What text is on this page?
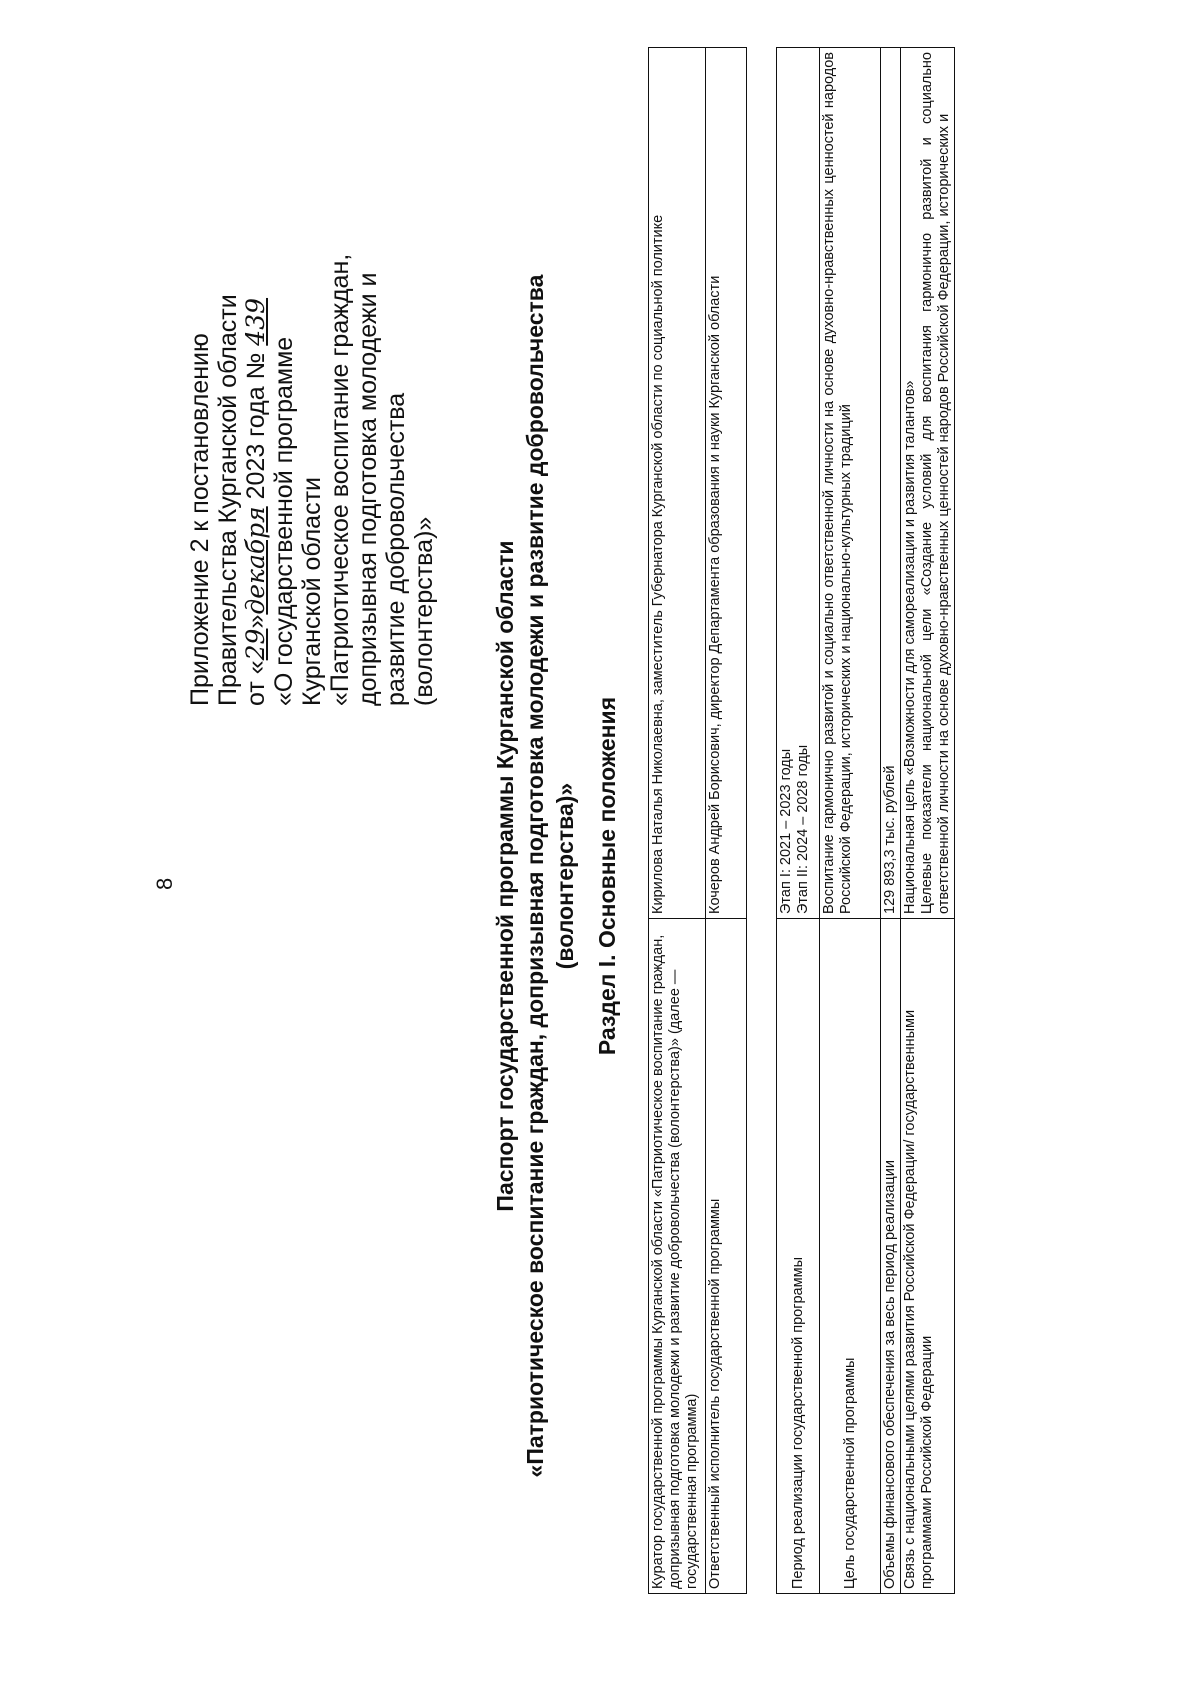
8
Приложение 2 к постановлению Правительства Курганской области от «29»декабря 2023 года № 439
«О государственной программе Курганской области «Патриотическое воспитание граждан, допризывная подготовка молодежи и развитие добровольчества (волонтерства)» Паспорт государственной программы Курганской области «Патриотическое воспитание граждан, допризывная подготовка молодежи и развитие добровольчества (волонтерства)» Раздел I. Основные положения
Куратор государственной программы Курганской области «Патриотическое воспитание граждан, допризывная подготовка молодежи и развитие добровольчества (волонтерства)» (далее — государственная программа)	Кирилова Наталья Николаевна, заместитель Губернатора Курганской области по социальной политике
Ответственный исполнитель государственной программы	Кочеров Андрей Борисович, директор Департамента образования и науки Курганской области
Период реализации государственной программы	Этап I: 2021 – 2023 годы Этап II: 2024 – 2028 годы

Цель государственной программы	Воспитание гармонично развитой и социально ответственной личности на основе духовно-нравственных ценностей народов Российской Федерации, исторических и национально-культурных традиций
Объемы финансового обеспечения за весь период реализации	129 893,3 тыс. рублей
Связь с национальными целями развития Российской Федерации/ государственными программами Российской Федерации	Национальная цель «Возможности для самореализации и развития талантов» Целевые показатели национальной цели «Создание условий для воспитания гармонично развитой и социально ответственной личности на основе духовно-нравственных ценностей народов Российской Федерации, исторических и
